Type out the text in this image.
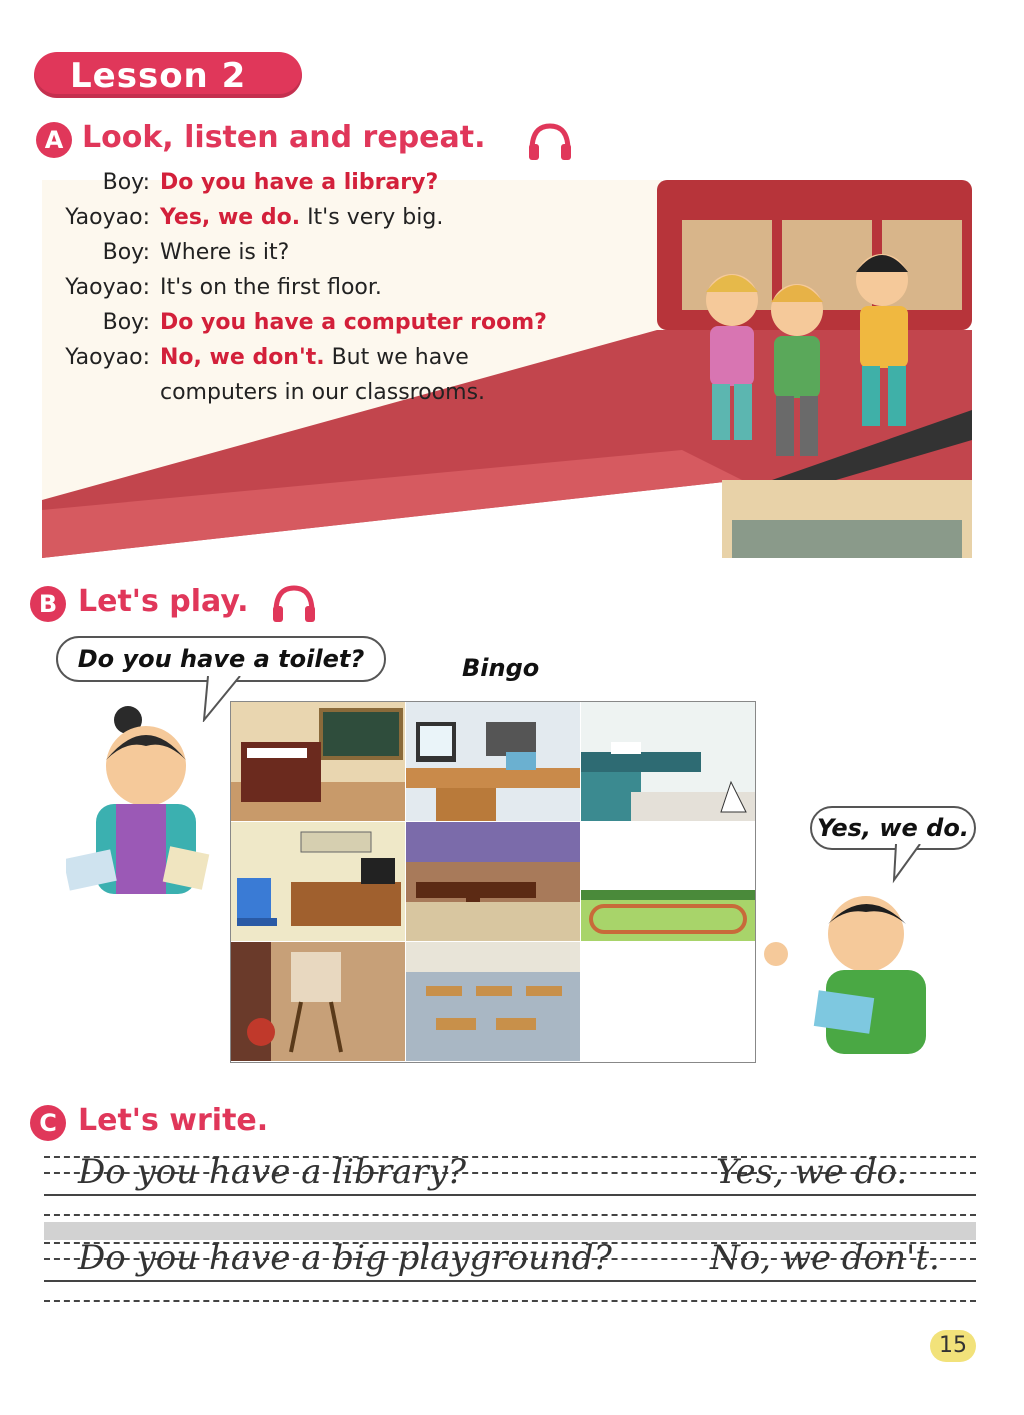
Lesson 2
A Look, listen and repeat.
Boy: Do you have a library?
Yaoyao: Yes, we do. It's very big.
Boy: Where is it?
Yaoyao: It's on the first floor.
Boy: Do you have a computer room?
Yaoyao: No, we don't. But we have
computers in our classrooms.
B Let's play.
Do you have a toilet?	Bingo
Yes, we do.
C Let's write.
Do you have a library?	Yes, we do.
Do you have a big playground?	No, we don't.
15
